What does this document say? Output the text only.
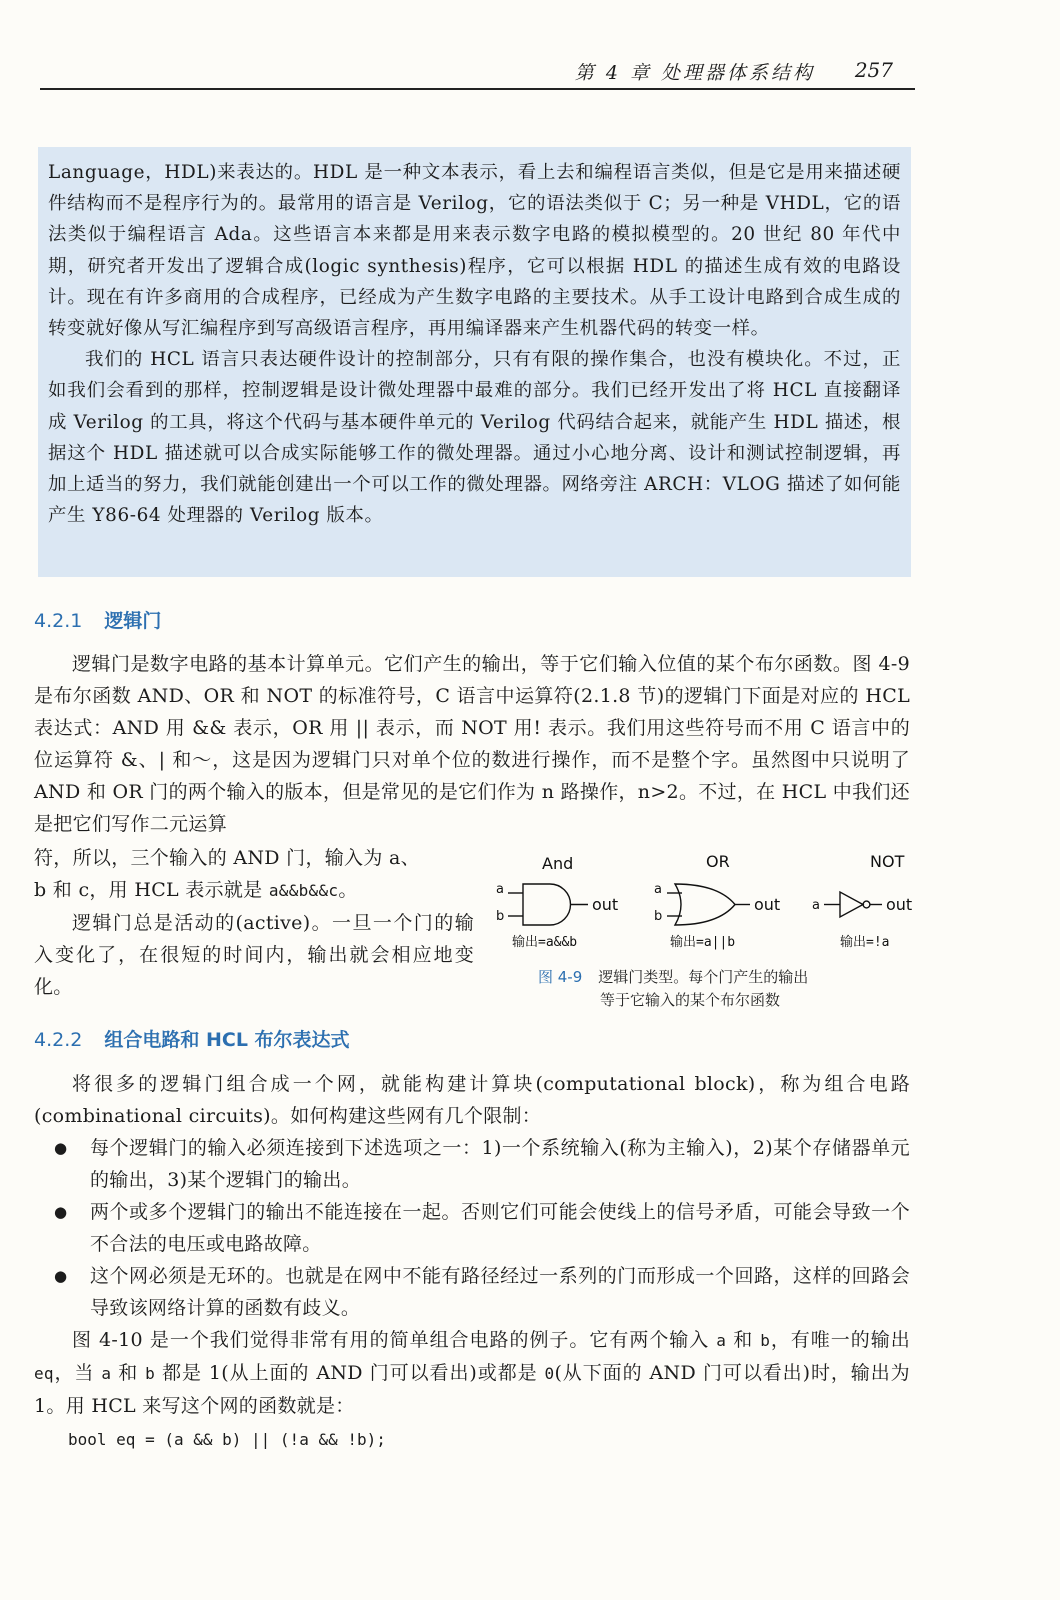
第 4 章 处理器体系结构 257

Language，HDL)来表达的。HDL 是一种文本表示，看上去和编程语言类似，但是它是用来描述硬件结构而不是程序行为的。最常用的语言是 Verilog，它的语法类似于 C；另一种是 VHDL，它的语法类似于编程语言 Ada。这些语言本来都是用来表示数字电路的模拟模型的。20 世纪 80 年代中期，研究者开发出了逻辑合成(logic synthesis)程序，它可以根据 HDL 的描述生成有效的电路设计。现在有许多商用的合成程序，已经成为产生数字电路的主要技术。从手工设计电路到合成生成的转变就好像从写汇编程序到写高级语言程序，再用编译器来产生机器代码的转变一样。

我们的 HCL 语言只表达硬件设计的控制部分，只有有限的操作集合，也没有模块化。不过，正如我们会看到的那样，控制逻辑是设计微处理器中最难的部分。我们已经开发出了将 HCL 直接翻译成 Verilog 的工具，将这个代码与基本硬件单元的 Verilog 代码结合起来，就能产生 HDL 描述，根据这个 HDL 描述就可以合成实际能够工作的微处理器。通过小心地分离、设计和测试控制逻辑，再加上适当的努力，我们就能创建出一个可以工作的微处理器。网络旁注 ARCH：VLOG 描述了如何能产生 Y86-64 处理器的 Verilog 版本。

4.2.1 逻辑门

逻辑门是数字电路的基本计算单元。它们产生的输出，等于它们输入位值的某个布尔函数。图 4-9 是布尔函数 AND、OR 和 NOT 的标准符号，C 语言中运算符(2.1.8 节)的逻辑门下面是对应的 HCL 表达式：AND 用 && 表示，OR 用 || 表示，而 NOT 用! 表示。我们用这些符号而不用 C 语言中的位运算符 &、| 和～，这是因为逻辑门只对单个位的数进行操作，而不是整个字。虽然图中只说明了 AND 和 OR 门的两个输入的版本，但是常见的是它们作为 n 路操作，n>2。不过，在 HCL 中我们还是把它们写作二元运算

符，所以，三个输入的 AND 门，输入为 a、

b 和 c，用 HCL 表示就是 a&&b&&c。

逻辑门总是活动的(active)。一旦一个门的输入变化了，在很短的时间内，输出就会相应地变化。

And	OR	NOT
a
b
out
a
b
out a	out
输出=a&&b	输出=a||b	输出=!a
图 4-9 逻辑门类型。每个门产生的输出
等于它输入的某个布尔函数
4.2.2 组合电路和 HCL 布尔表达式

将很多的逻辑门组合成一个网，就能构建计算块(computational block)，称为组合电路(combinational circuits)。如何构建这些网有几个限制：

● 每个逻辑门的输入必须连接到下述选项之一：1)一个系统输入(称为主输入)，2)某个存储器单元的输出，3)某个逻辑门的输出。
● 两个或多个逻辑门的输出不能连接在一起。否则它们可能会使线上的信号矛盾，可能会导致一个不合法的电压或电路故障。
● 这个网必须是无环的。也就是在网中不能有路径经过一系列的门而形成一个回路，这样的回路会导致该网络计算的函数有歧义。

图 4-10 是一个我们觉得非常有用的简单组合电路的例子。它有两个输入 a 和 b，有唯一的输出 eq，当 a 和 b 都是 1(从上面的 AND 门可以看出)或都是 0(从下面的 AND 门可以看出)时，输出为 1。用 HCL 来写这个网的函数就是：

bool eq = (a && b) || (!a && !b);
